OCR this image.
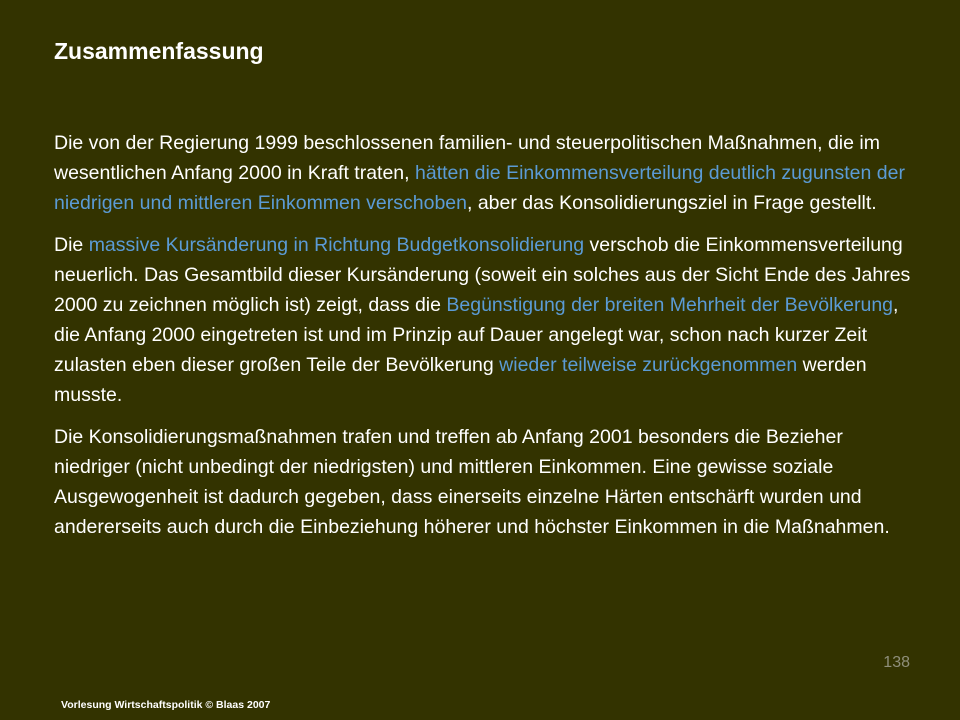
Zusammenfassung

Die von der Regierung 1999 beschlossenen familien- und steuerpolitischen Maßnahmen, die im wesentlichen Anfang 2000 in Kraft traten, hätten die Einkommensverteilung deutlich zugunsten der niedrigen und mittleren Einkommen verschoben, aber das Konsolidierungsziel in Frage gestellt.

Die massive Kursänderung in Richtung Budgetkonsolidierung verschob die Einkommensverteilung neuerlich. Das Gesamtbild dieser Kursänderung (soweit ein solches aus der Sicht Ende des Jahres 2000 zu zeichnen möglich ist) zeigt, dass die Begünstigung der breiten Mehrheit der Bevölkerung, die Anfang 2000 eingetreten ist und im Prinzip auf Dauer angelegt war, schon nach kurzer Zeit zulasten eben dieser großen Teile der Bevölkerung wieder teilweise zurückgenommen werden musste.

Die Konsolidierungsmaßnahmen trafen und treffen ab Anfang 2001 besonders die Bezieher niedriger (nicht unbedingt der niedrigsten) und mittleren Einkommen. Eine gewisse soziale Ausgewogenheit ist dadurch gegeben, dass einerseits einzelne Härten entschärft wurden und andererseits auch durch die Einbeziehung höherer und höchster Einkommen in die Maßnahmen.

138
Vorlesung Wirtschaftspolitik © Blaas 2007
